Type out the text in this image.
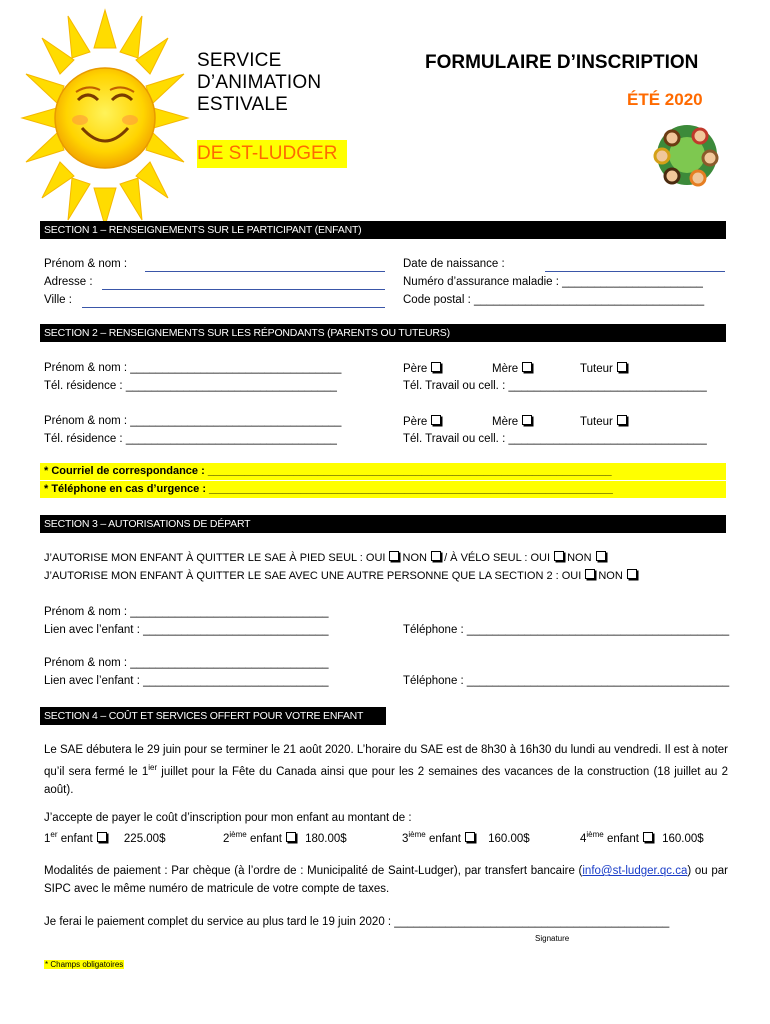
SERVICE
D’ANIMATION
ESTIVALE
DE ST-LUDGER
FORMULAIRE D’INSCRIPTION
ÉTÉ 2020
SECTION 1 – RENSEIGNEMENTS SUR LE PARTICIPANT (ENFANT)
Prénom & nom :
Adresse :
Ville :
Date de naissance :
Numéro d’assurance maladie : ______________________
Code postal : ____________________________________
SECTION 2 – RENSEIGNEMENTS SUR LES RÉPONDANTS (PARENTS OU TUTEURS)
Prénom & nom : _________________________________
Tél. résidence : _________________________________
Père	Mère	Tuteur
Tél. Travail ou cell. : _______________________________
Prénom & nom : _________________________________
Tél. résidence : _________________________________
Père	Mère	Tuteur
Tél. Travail ou cell. : _______________________________
* Courriel de correspondance : __________________________________________________________________
* Téléphone en cas d’urgence : __________________________________________________________________
SECTION 3 – AUTORISATIONS DE DÉPART
J’AUTORISE MON ENFANT À QUITTER LE SAE À PIED SEUL : OUI NON / À VÉLO SEUL : OUI NON
J’AUTORISE MON ENFANT À QUITTER LE SAE AVEC UNE AUTRE PERSONNE QUE LA SECTION 2 : OUI NON
Prénom & nom : _______________________________
Lien avec l’enfant : _____________________________	Téléphone : _________________________________________
Prénom & nom : _______________________________
Lien avec l’enfant : _____________________________	Téléphone : _________________________________________
SECTION 4 – COÛT ET SERVICES OFFERT POUR VOTRE ENFANT
Le SAE débutera le 29 juin pour se terminer le 21 août 2020. L’horaire du SAE est de 8h30 à 16h30 du lundi au vendredi. Il est à noter qu’il sera fermé le $1^{ier}$ juillet pour la Fête du Canada ainsi que pour les 2 semaines des vacances de la construction (18 juillet au 2 août).
J’accepte de payer le coût d’inscription pour mon enfant au montant de :
1er enfant	225.00$	2ième enfant 180.00$	3ième enfant 160.00$	4ième enfant 160.00$
Modalités de paiement : Par chèque (à l’ordre de : Municipalité de Saint-Ludger), par transfert bancaire (info@st-ludger.qc.ca) ou par SIPC avec le même numéro de matricule de votre compte de taxes.
Je ferai le paiement complet du service au plus tard le 19 juin 2020 : ___________________________________________
Signature
* Champs obligatoires
